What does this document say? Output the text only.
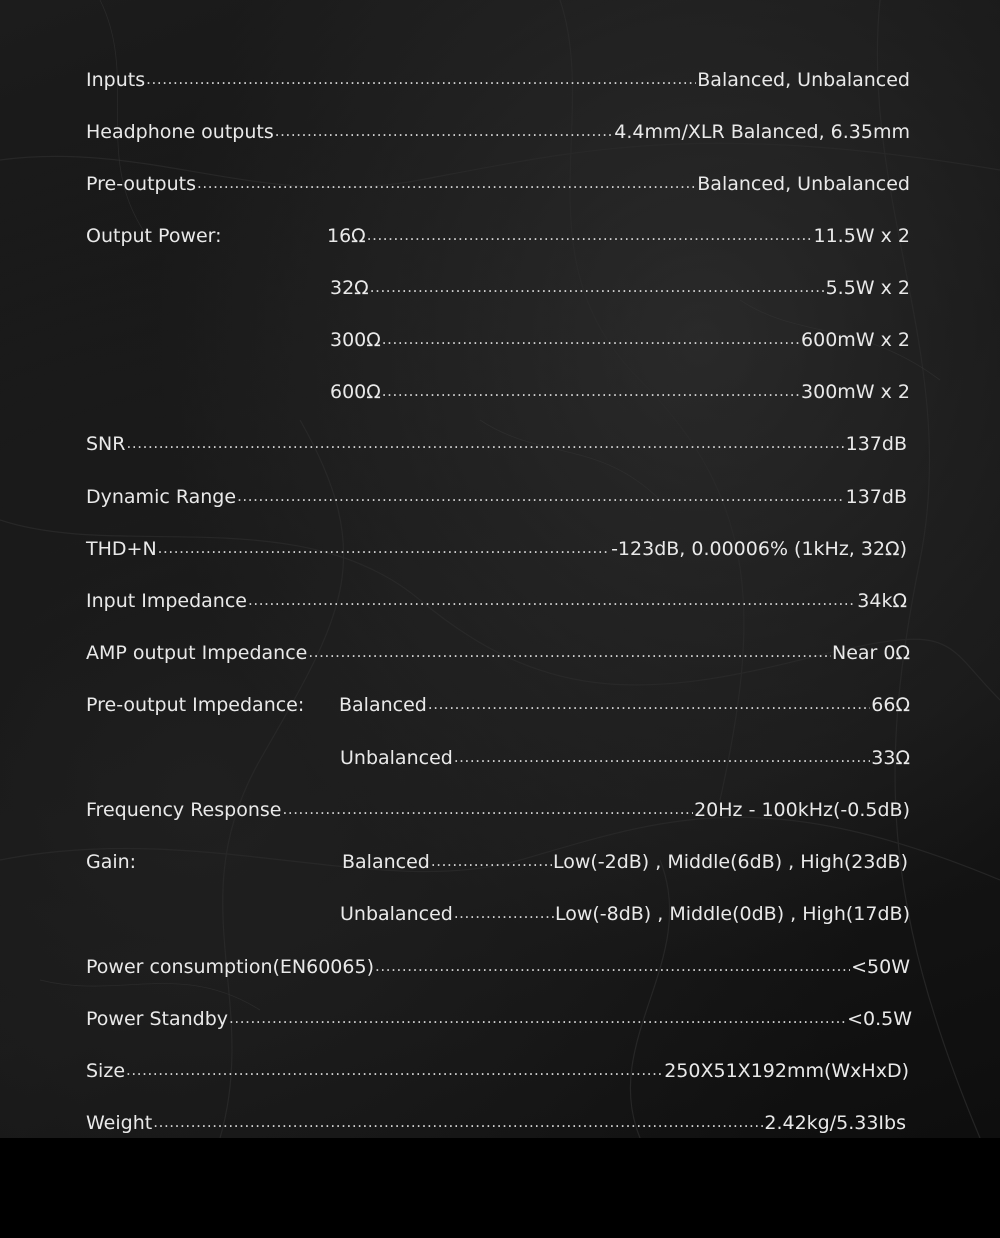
Inputs .....	Balanced, Unbalanced
Headphone outputs .....	4.4mm/XLR Balanced, 6.35mm
Pre-outputs .....	Balanced, Unbalanced
Output Power:	16Ω .....	11.5W x 2
32Ω .....	5.5W x 2
300Ω .....	600mW x 2
600Ω .....	300mW x 2
SNR .....	137dB
Dynamic Range .....	137dB
THD+N .....	-123dB, 0.00006% (1kHz, 32Ω)
Input Impedance .....	34kΩ
AMP output Impedance .....	Near 0Ω
Pre-output Impedance:	Balanced .....	66Ω
Unbalanced .....	33Ω
Frequency Response .....	20Hz - 100kHz(-0.5dB)
Gain:	Balanced .....	Low(-2dB) , Middle(6dB) , High(23dB)
Unbalanced .....	Low(-8dB) , Middle(0dB) , High(17dB)
Power consumption(EN60065) .....	<50W
Power Standby .....	<0.5W
Size .....	250X51X192mm(WxHxD)
Weight .....	2.42kg/5.33Ibs
